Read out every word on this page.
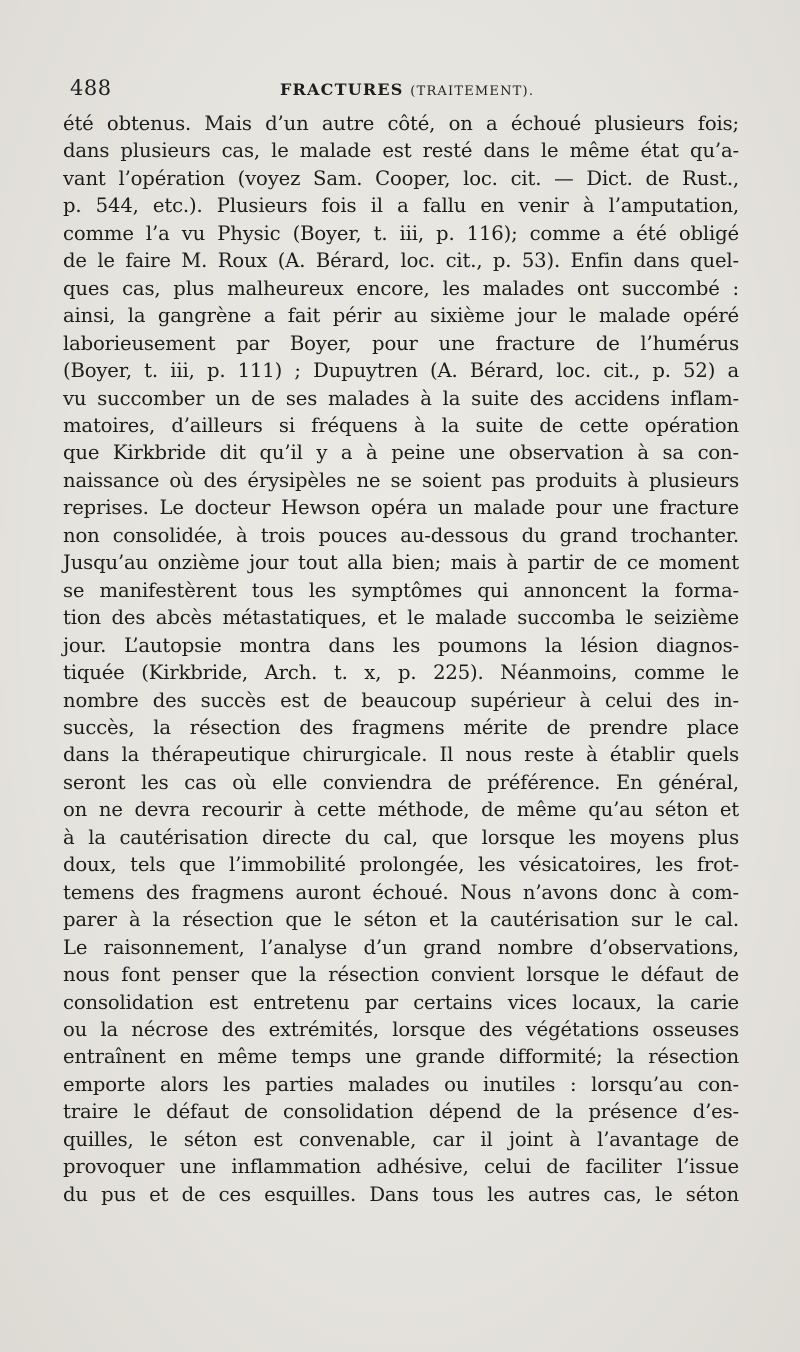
488	FRACTURES (TRAITEMENT).
été obtenus. Mais d’un autre côté, on a échoué plusieurs fois;
dans plusieurs cas, le malade est resté dans le même état qu’a-
vant l’opération (voyez Sam. Cooper, loc. cit. — Dict. de Rust.,
p. 544, etc.). Plusieurs fois il a fallu en venir à l’amputation,
comme l’a vu Physic (Boyer, t. iii, p. 116); comme a été obligé
de le faire M. Roux (A. Bérard, loc. cit., p. 53). Enfin dans quel-
ques cas, plus malheureux encore, les malades ont succombé :
ainsi, la gangrène a fait périr au sixième jour le malade opéré
laborieusement par Boyer, pour une fracture de l’humérus
(Boyer, t. iii, p. 111) ; Dupuytren (A. Bérard, loc. cit., p. 52) a
vu succomber un de ses malades à la suite des accidens inflam-
matoires, d’ailleurs si fréquens à la suite de cette opération
que Kirkbride dit qu’il y a à peine une observation à sa con-
naissance où des érysipèles ne se soient pas produits à plusieurs
reprises. Le docteur Hewson opéra un malade pour une fracture
non consolidée, à trois pouces au-dessous du grand trochanter.
Jusqu’au onzième jour tout alla bien; mais à partir de ce moment
se manifestèrent tous les symptômes qui annoncent la forma-
tion des abcès métastatiques, et le malade succomba le seizième
jour. L’autopsie montra dans les poumons la lésion diagnos-
tiquée (Kirkbride, Arch. t. x, p. 225). Néanmoins, comme le
nombre des succès est de beaucoup supérieur à celui des in-
succès, la résection des fragmens mérite de prendre place
dans la thérapeutique chirurgicale. Il nous reste à établir quels
seront les cas où elle conviendra de préférence. En général,
on ne devra recourir à cette méthode, de même qu’au séton et
à la cautérisation directe du cal, que lorsque les moyens plus
doux, tels que l’immobilité prolongée, les vésicatoires, les frot-
temens des fragmens auront échoué. Nous n’avons donc à com-
parer à la résection que le séton et la cautérisation sur le cal.
Le raisonnement, l’analyse d’un grand nombre d’observations,
nous font penser que la résection convient lorsque le défaut de
consolidation est entretenu par certains vices locaux, la carie
ou la nécrose des extrémités, lorsque des végétations osseuses
entraînent en même temps une grande difformité; la résection
emporte alors les parties malades ou inutiles : lorsqu’au con-
traire le défaut de consolidation dépend de la présence d’es-
quilles, le séton est convenable, car il joint à l’avantage de
provoquer une inflammation adhésive, celui de faciliter l’issue
du pus et de ces esquilles. Dans tous les autres cas, le séton
